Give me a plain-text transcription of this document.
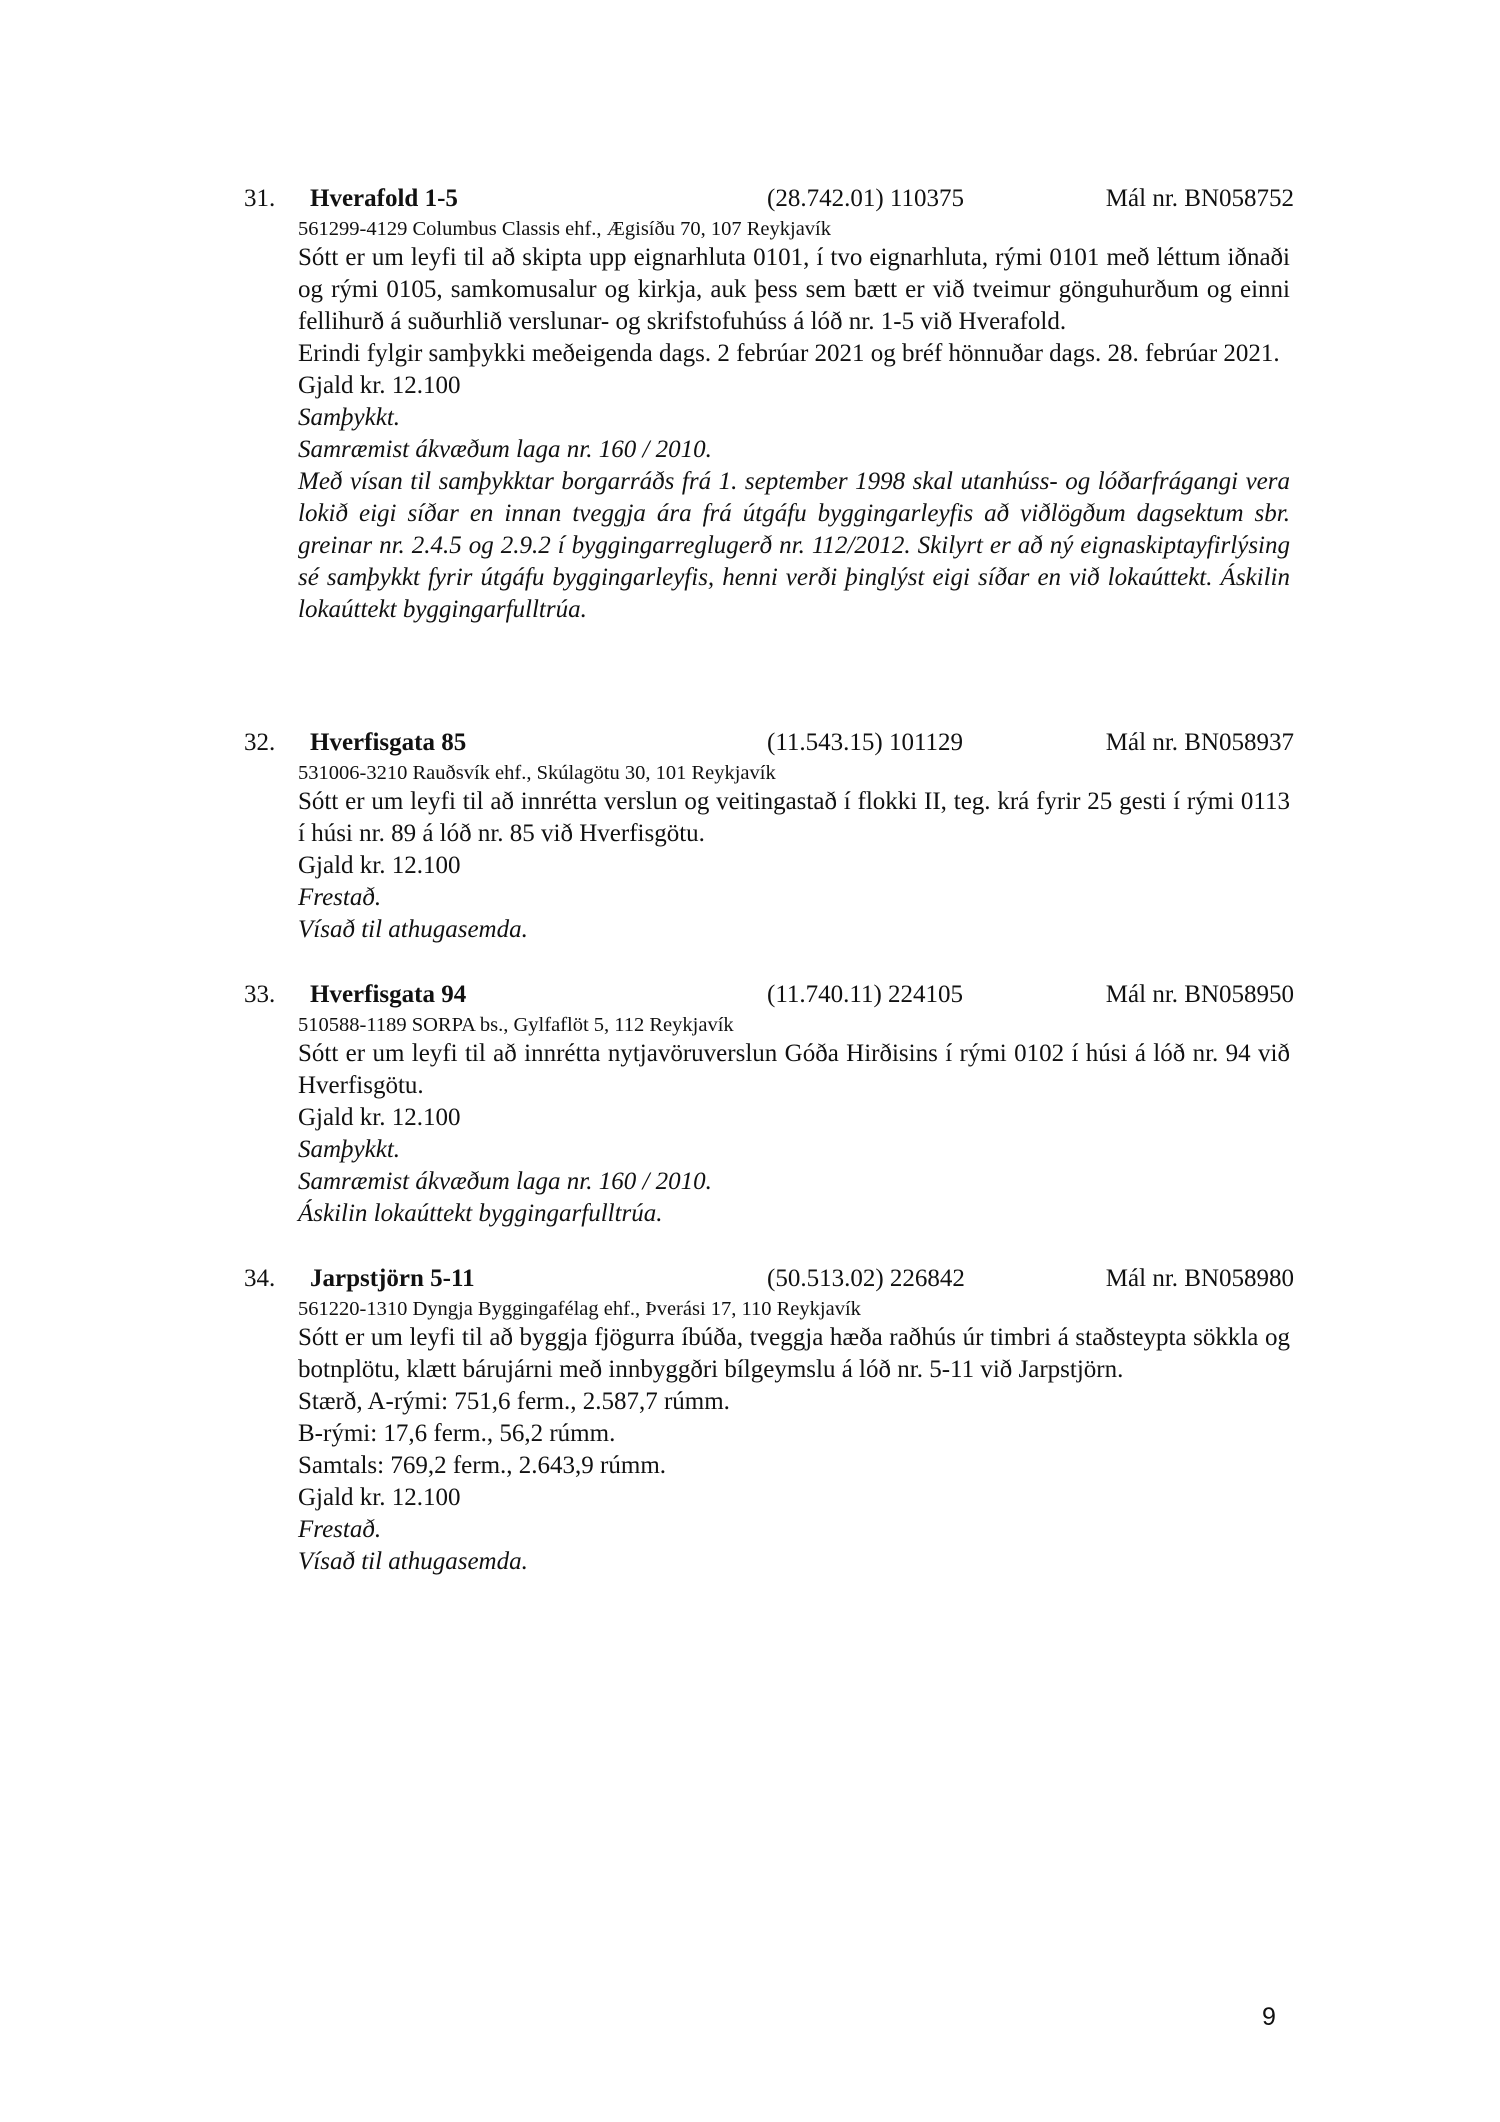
31. Hverafold 1-5	(28.742.01) 110375	Mál nr. BN058752
561299-4129 Columbus Classis ehf., Ægisíðu 70, 107 Reykjavík

Sótt er um leyfi til að skipta upp eignarhluta 0101, í tvo eignarhluta, rými 0101 með léttum iðnaði og rými 0105, samkomusalur og kirkja, auk þess sem bætt er við tveimur gönguhurðum og einni fellihurð á suðurhlið verslunar- og skrifstofuhúss á lóð nr. 1-5 við Hverafold.

Erindi fylgir samþykki meðeigenda dags. 2 febrúar 2021 og bréf hönnuðar dags. 28. febrúar 2021.

Gjald kr. 12.100

Samþykkt.

Samræmist ákvæðum laga nr. 160 / 2010.

Með vísan til samþykktar borgarráðs frá 1. september 1998 skal utanhúss- og lóðarfrágangi vera lokið eigi síðar en innan tveggja ára frá útgáfu byggingarleyfis að viðlögðum dagsektum sbr. greinar nr. 2.4.5 og 2.9.2 í byggingarreglugerð nr. 112/2012. Skilyrt er að ný eignaskiptayfirlýsing sé samþykkt fyrir útgáfu byggingarleyfis, henni verði þinglýst eigi síðar en við lokaúttekt. Áskilin lokaúttekt byggingarfulltrúa.

32. Hverfisgata 85	(11.543.15) 101129	Mál nr. BN058937
531006-3210 Rauðsvík ehf., Skúlagötu 30, 101 Reykjavík

Sótt er um leyfi til að innrétta verslun og veitingastað í flokki II, teg. krá fyrir 25 gesti í rými 0113 í húsi nr. 89 á lóð nr. 85 við Hverfisgötu.

Gjald kr. 12.100

Frestað.

Vísað til athugasemda.

33. Hverfisgata 94	(11.740.11) 224105	Mál nr. BN058950
510588-1189 SORPA bs., Gylfaflöt 5, 112 Reykjavík

Sótt er um leyfi til að innrétta nytjavöruverslun Góða Hirðisins í rými 0102 í húsi á lóð nr. 94 við Hverfisgötu.

Gjald kr. 12.100

Samþykkt.

Samræmist ákvæðum laga nr. 160 / 2010.

Áskilin lokaúttekt byggingarfulltrúa.

34. Jarpstjörn 5-11	(50.513.02) 226842	Mál nr. BN058980
561220-1310 Dyngja Byggingafélag ehf., Þverási 17, 110 Reykjavík

Sótt er um leyfi til að byggja fjögurra íbúða, tveggja hæða raðhús úr timbri á staðsteypta sökkla og botnplötu, klætt bárujárni með innbyggðri bílgeymslu á lóð nr. 5-11 við Jarpstjörn.

Stærð, A-rými: 751,6 ferm., 2.587,7 rúmm.

B-rými: 17,6 ferm., 56,2 rúmm.

Samtals: 769,2 ferm., 2.643,9 rúmm.

Gjald kr. 12.100

Frestað.

Vísað til athugasemda.

9
